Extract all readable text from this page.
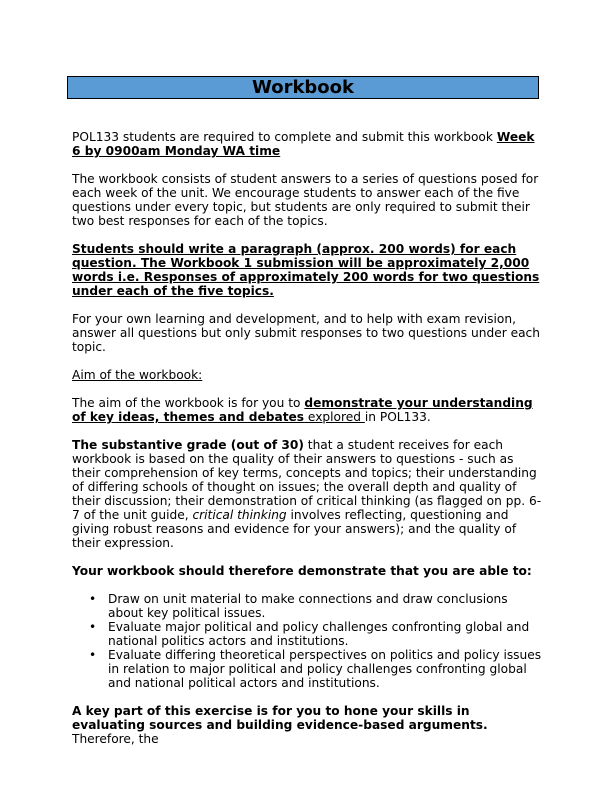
Workbook

POL133 students are required to complete and submit this workbook Week 6 by 0900am Monday WA time

The workbook consists of student answers to a series of questions posed for each week of the unit. We encourage students to answer each of the five questions under every topic, but students are only required to submit their two best responses for each of the topics.

Students should write a paragraph (approx. 200 words) for each question. The Workbook 1 submission will be approximately 2,000 words i.e. Responses of approximately 200 words for two questions under each of the five topics.

For your own learning and development, and to help with exam revision, answer all questions but only submit responses to two questions under each topic.

Aim of the workbook:

The aim of the workbook is for you to demonstrate your understanding of key ideas, themes and debates explored in POL133.

The substantive grade (out of 30) that a student receives for each workbook is based on the quality of their answers to questions - such as their comprehension of key terms, concepts and topics; their understanding of differing schools of thought on issues; the overall depth and quality of their discussion; their demonstration of critical thinking (as flagged on pp. 6-7 of the unit guide, critical thinking involves reflecting, questioning and giving robust reasons and evidence for your answers); and the quality of their expression.

Your workbook should therefore demonstrate that you are able to:

• Draw on unit material to make connections and draw conclusions about key political issues.
• Evaluate major political and policy challenges confronting global and national politics actors and institutions.
• Evaluate differing theoretical perspectives on politics and policy issues in relation to major political and policy challenges confronting global and national political actors and institutions.

A key part of this exercise is for you to hone your skills in evaluating sources and building evidence-based arguments. Therefore, the
